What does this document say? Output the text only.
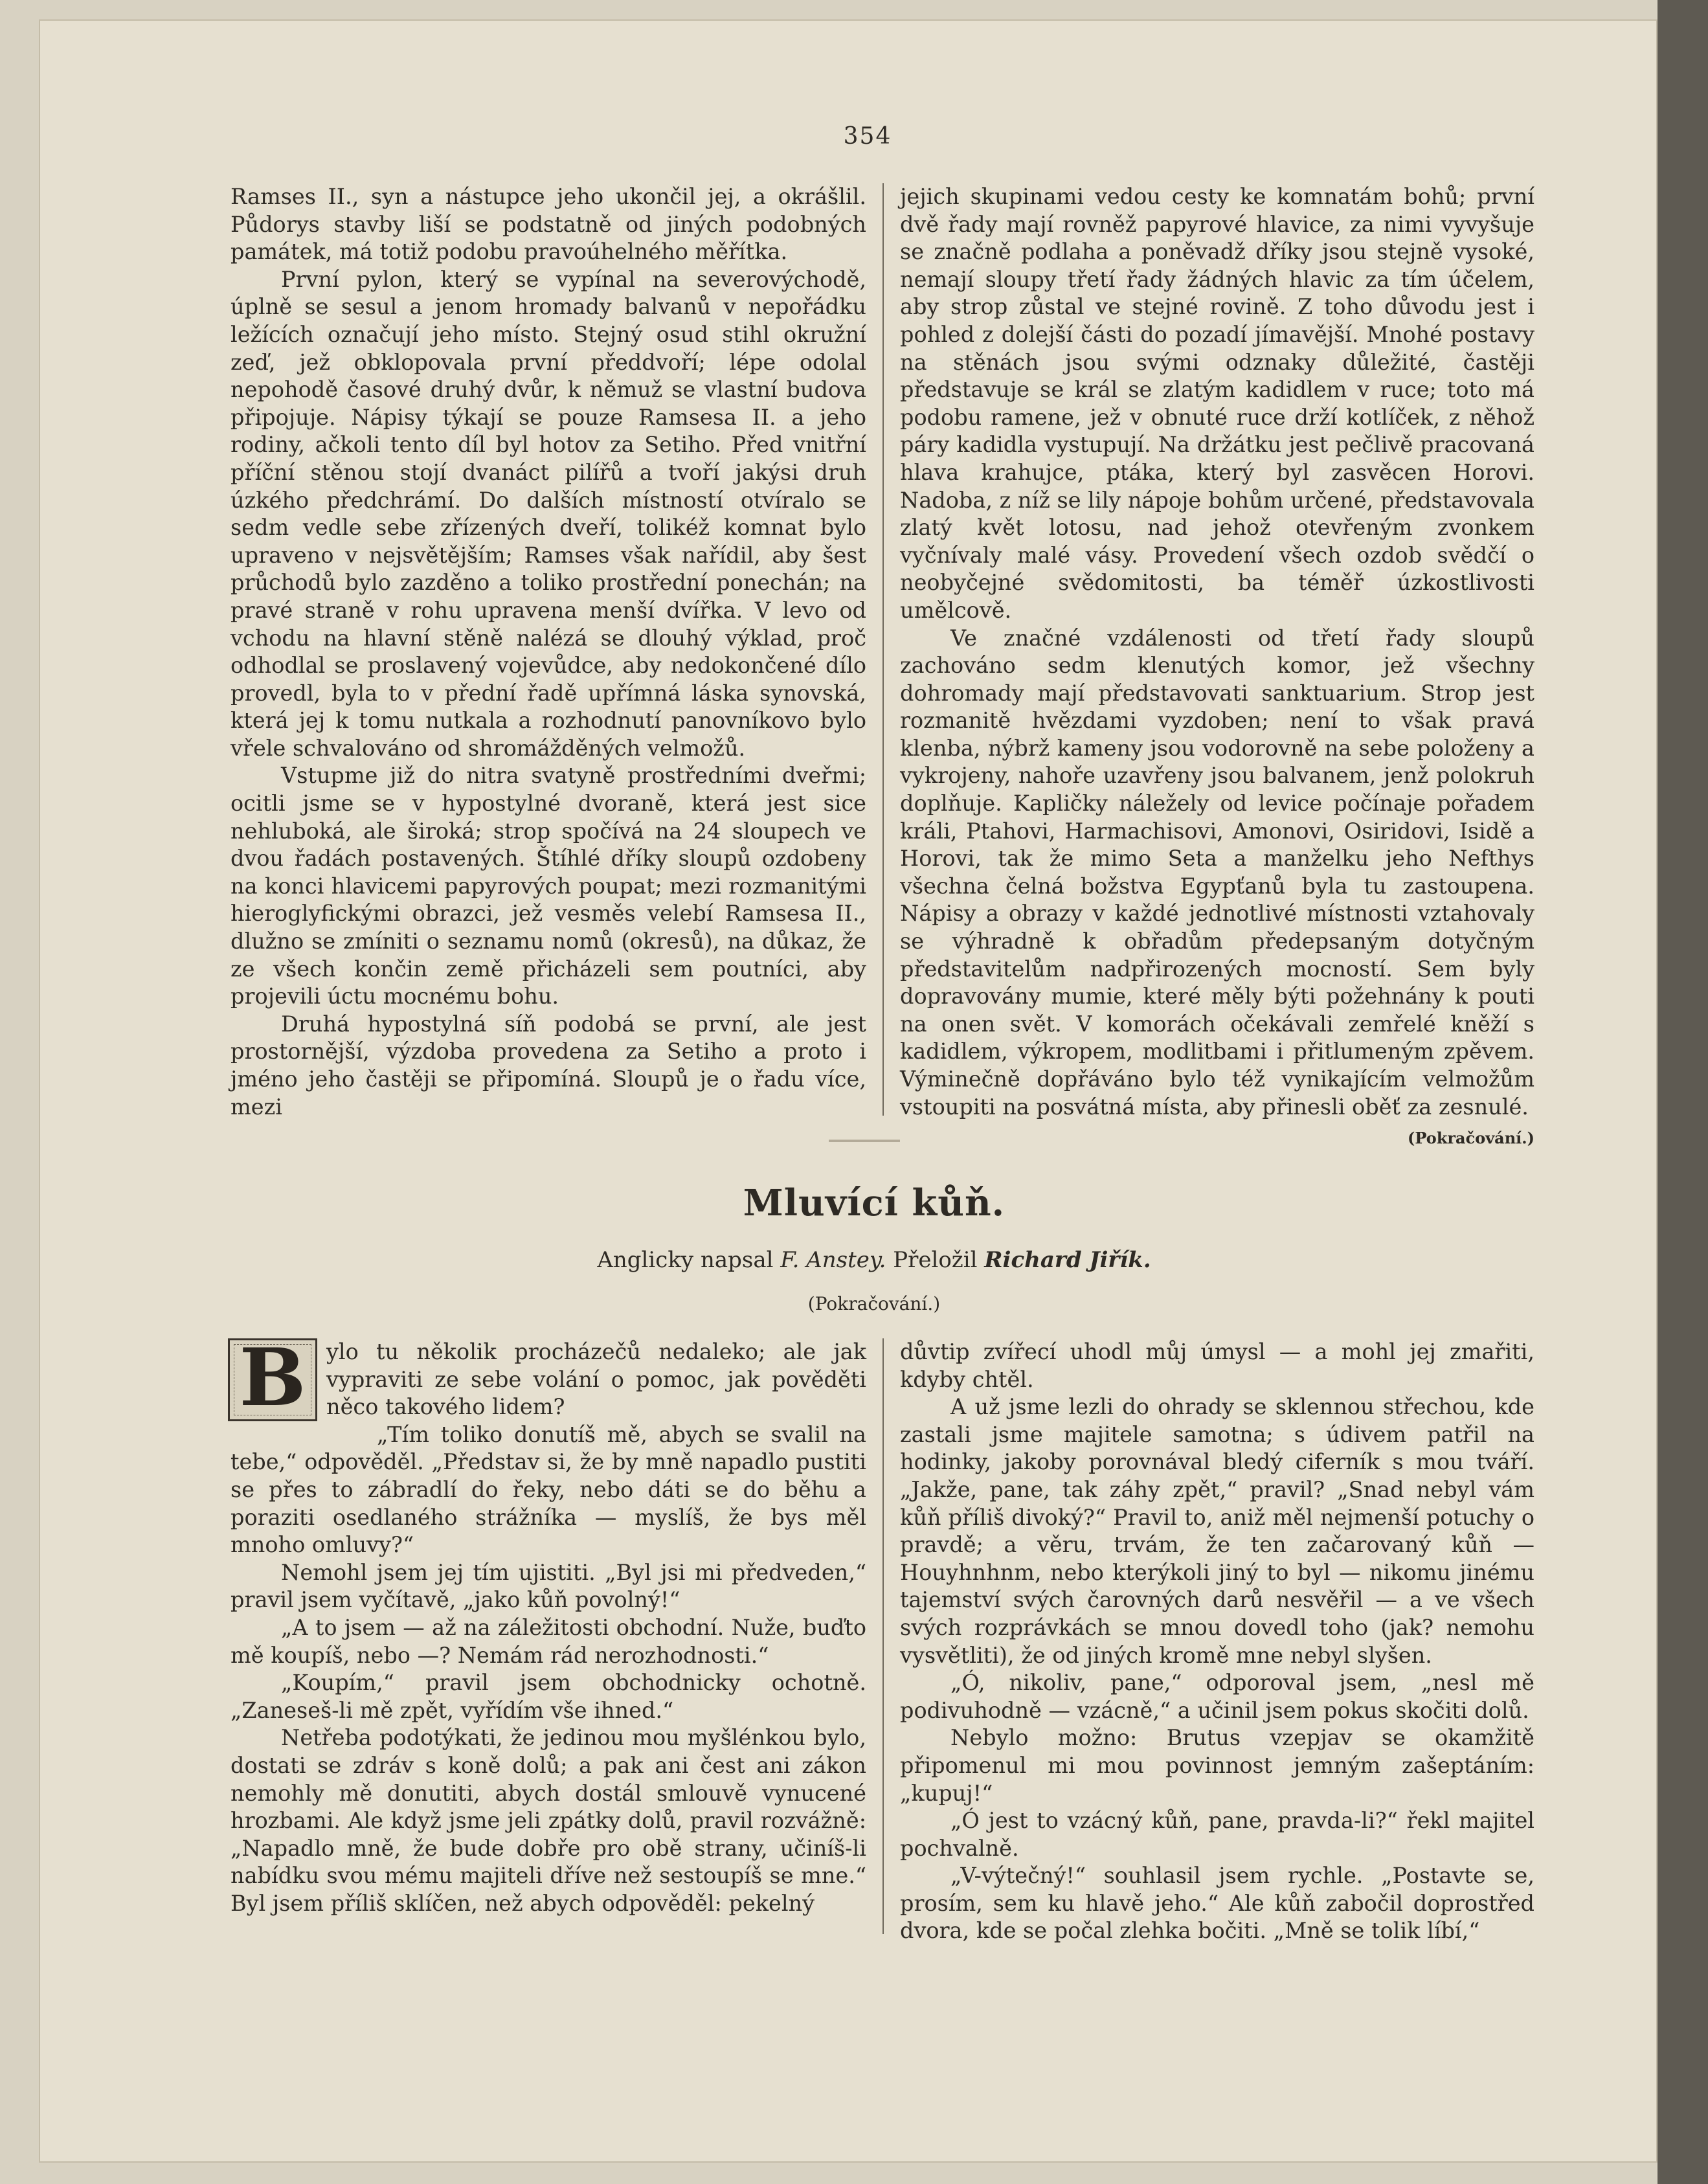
354

Ramses II., syn a nástupce jeho ukončil jej, a okrášlil. Půdorys stavby liší se podstatně od jiných podobných památek, má totiž podobu pravoúhelného měřítka.

První pylon, který se vypínal na severovýchodě, úplně se sesul a jenom hromady balvanů v nepořádku ležících označují jeho místo. Stejný osud stihl okružní zeď, jež obklopovala první předdvoří; lépe odolal nepohodě časové druhý dvůr, k němuž se vlastní budova připojuje. Nápisy týkají se pouze Ramsesa II. a jeho rodiny, ačkoli tento díl byl hotov za Setiho. Před vnitřní příční stěnou stojí dvanáct pilířů a tvoří jakýsi druh úzkého předchrámí. Do dalších místností otvíralo se sedm vedle sebe zřízených dveří, tolikéž komnat bylo upraveno v nejsvětějším; Ramses však nařídil, aby šest průchodů bylo zazděno a toliko prostřední ponechán; na pravé straně v rohu upravena menší dvířka. V levo od vchodu na hlavní stěně nalézá se dlouhý výklad, proč odhodlal se proslavený vojevůdce, aby nedokončené dílo provedl, byla to v přední řadě upřímná láska synovská, která jej k tomu nutkala a rozhodnutí panovníkovo bylo vřele schvalováno od shromážděných velmožů.

Vstupme již do nitra svatyně prostředními dveřmi; ocitli jsme se v hypostylné dvoraně, která jest sice nehluboká, ale široká; strop spočívá na 24 sloupech ve dvou řadách postavených. Štíhlé dříky sloupů ozdobeny na konci hlavicemi papyrových poupat; mezi rozmanitými hieroglyfickými obrazci, jež vesměs velebí Ramsesa II., dlužno se zmíniti o seznamu nomů (okresů), na důkaz, že ze všech končin země přicházeli sem poutníci, aby projevili úctu mocnému bohu.

Druhá hypostylná síň podobá se první, ale jest prostornější, výzdoba provedena za Setiho a proto i jméno jeho častěji se připomíná. Sloupů je o řadu více, mezi

jejich skupinami vedou cesty ke komnatám bohů; první dvě řady mají rovněž papyrové hlavice, za nimi vyvyšuje se značně podlaha a poněvadž dříky jsou stejně vysoké, nemají sloupy třetí řady žádných hlavic za tím účelem, aby strop zůstal ve stejné rovině. Z toho důvodu jest i pohled z dolejší části do pozadí jímavější. Mnohé postavy na stěnách jsou svými odznaky důležité, častěji představuje se král se zlatým kadidlem v ruce; toto má podobu ramene, jež v obnuté ruce drží kotlíček, z něhož páry kadidla vystupují. Na držátku jest pečlivě pracovaná hlava krahujce, ptáka, který byl zasvěcen Horovi. Nadoba, z níž se lily nápoje bohům určené, představovala zlatý květ lotosu, nad jehož otevřeným zvonkem vyčnívaly malé vásy. Provedení všech ozdob svědčí o neobyčejné svědomitosti, ba téměř úzkostlivosti umělcově.

Ve značné vzdálenosti od třetí řady sloupů zachováno sedm klenutých komor, jež všechny dohromady mají představovati sanktuarium. Strop jest rozmanitě hvězdami vyzdoben; není to však pravá klenba, nýbrž kameny jsou vodorovně na sebe položeny a vykrojeny, nahoře uzavřeny jsou balvanem, jenž polokruh doplňuje. Kapličky náležely od levice počínaje pořadem králi, Ptahovi, Harmachisovi, Amonovi, Osiridovi, Isidě a Horovi, tak že mimo Seta a manželku jeho Nefthys všechna čelná božstva Egypťanů byla tu zastoupena. Nápisy a obrazy v každé jednotlivé místnosti vztahovaly se výhradně k obřadům předepsaným dotyčným představitelům nadpřirozených mocností. Sem byly dopravovány mumie, které měly býti požehnány k pouti na onen svět. V komorách očekávali zemřelé kněží s kadidlem, výkropem, modlitbami i přitlumeným zpěvem. Výminečně dopřáváno bylo též vynikajícím velmožům vstoupiti na posvátná místa, aby přinesli oběť za zesnulé.
(Pokračování.)

Mluvící kůň.
Anglicky napsal F. Anstey. Přeložil Richard Jiřík.
(Pokračování.)

B ylo tu několik procházečů nedaleko; ale jak vypraviti ze sebe volání o pomoc, jak pověděti něco takového lidem?

„Tím toliko donutíš mě, abych se svalil na tebe,“ odpověděl. „Představ si, že by mně napadlo pustiti se přes to zábradlí do řeky, nebo dáti se do běhu a poraziti osedlaného strážníka — myslíš, že bys měl mnoho omluvy?“

Nemohl jsem jej tím ujistiti. „Byl jsi mi předveden,“ pravil jsem vyčítavě, „jako kůň povolný!“

„A to jsem — až na záležitosti obchodní. Nuže, buďto mě koupíš, nebo —? Nemám rád nerozhodnosti.“

„Koupím,“ pravil jsem obchodnicky ochotně. „Zaneseš-li mě zpět, vyřídím vše ihned.“

Netřeba podotýkati, že jedinou mou myšlénkou bylo, dostati se zdráv s koně dolů; a pak ani čest ani zákon nemohly mě donutiti, abych dostál smlouvě vynucené hrozbami. Ale když jsme jeli zpátky dolů, pravil rozvážně: „Napadlo mně, že bude dobře pro obě strany, učiníš-li nabídku svou mému majiteli dříve než sestoupíš se mne.“ Byl jsem příliš sklíčen, než abych odpověděl: pekelný

důvtip zvířecí uhodl můj úmysl — a mohl jej zmařiti, kdyby chtěl.

A už jsme lezli do ohrady se sklennou střechou, kde zastali jsme majitele samotna; s údivem patřil na hodinky, jakoby porovnával bledý ciferník s mou tváří. „Jakže, pane, tak záhy zpět,“ pravil? „Snad nebyl vám kůň příliš divoký?“ Pravil to, aniž měl nejmenší potuchy o pravdě; a věru, trvám, že ten začarovaný kůň — Houyhnhnm, nebo kterýkoli jiný to byl — nikomu jinému tajemství svých čarovných darů nesvěřil — a ve všech svých rozprávkách se mnou dovedl toho (jak? nemohu vysvětliti), že od jiných kromě mne nebyl slyšen.

„Ó, nikoliv, pane,“ odporoval jsem, „nesl mě podivuhodně — vzácně,“ a učinil jsem pokus skočiti dolů.

Nebylo možno: Brutus vzepjav se okamžitě připomenul mi mou povinnost jemným zašeptáním: „kupuj!“

„Ó jest to vzácný kůň, pane, pravda-li?“ řekl majitel pochvalně.

„V-výtečný!“ souhlasil jsem rychle. „Postavte se, prosím, sem ku hlavě jeho.“ Ale kůň zabočil doprostřed dvora, kde se počal zlehka bočiti. „Mně se tolik líbí,“
